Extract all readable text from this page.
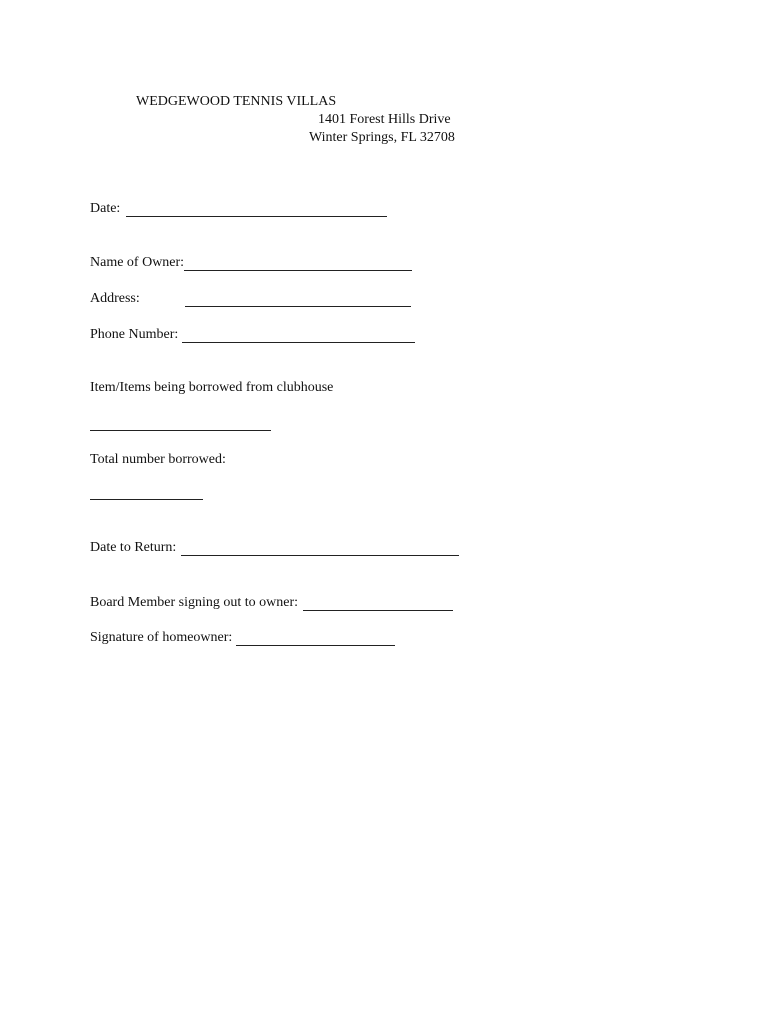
WEDGEWOOD TENNIS VILLAS
1401 Forest Hills Drive
Winter Springs, FL 32708
Date:
Name of Owner:
Address:
Phone Number:
Item/Items being borrowed from clubhouse
Total number borrowed:
Date to Return:
Board Member signing out to owner:
Signature of homeowner:
